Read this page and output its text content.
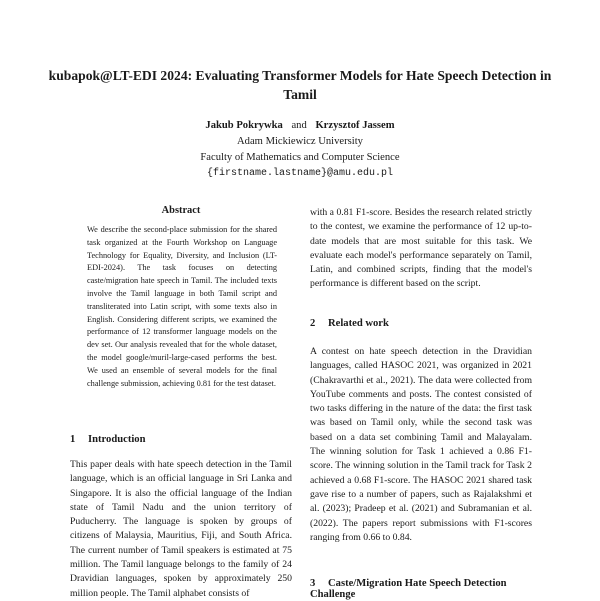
kubapok@LT-EDI 2024: Evaluating Transformer Models for Hate Speech Detection in Tamil
Jakub Pokrywka and Krzysztof Jassem
Adam Mickiewicz University
Faculty of Mathematics and Computer Science
{firstname.lastname}@amu.edu.pl
Abstract
We describe the second-place submission for the shared task organized at the Fourth Workshop on Language Technology for Equality, Diversity, and Inclusion (LT-EDI-2024). The task focuses on detecting caste/migration hate speech in Tamil. The included texts involve the Tamil language in both Tamil script and transliterated into Latin script, with some texts also in English. Considering different scripts, we examined the performance of 12 transformer language models on the dev set. Our analysis revealed that for the whole dataset, the model google/muril-large-cased performs the best. We used an ensemble of several models for the final challenge submission, achieving 0.81 for the test dataset.
1 Introduction
This paper deals with hate speech detection in the Tamil language, which is an official language in Sri Lanka and Singapore. It is also the official language of the Indian state of Tamil Nadu and the union territory of Puducherry. The language is spoken by groups of citizens of Malaysia, Mauritius, Fiji, and South Africa. The current number of Tamil speakers is estimated at 75 million. The Tamil language belongs to the family of 24 Dravidian languages, spoken by approximately 250 million people. The Tamil alphabet consists of
with a 0.81 F1-score. Besides the research related strictly to the contest, we examine the performance of 12 up-to-date models that are most suitable for this task. We evaluate each model's performance separately on Tamil, Latin, and combined scripts, finding that the model's performance is different based on the script.
2 Related work
A contest on hate speech detection in the Dravidian languages, called HASOC 2021, was organized in 2021 (Chakravarthi et al., 2021). The data were collected from YouTube comments and posts. The contest consisted of two tasks differing in the nature of the data: the first task was based on Tamil only, while the second task was based on a data set combining Tamil and Malayalam. The winning solution for Task 1 achieved a 0.86 F1-score. The winning solution in the Tamil track for Task 2 achieved a 0.68 F1-score. The HASOC 2021 shared task gave rise to a number of papers, such as Rajalakshmi et al. (2023); Pradeep et al. (2021) and Subramanian et al. (2022). The papers report submissions with F1-scores ranging from 0.66 to 0.84.
3 Caste/Migration Hate Speech Detection Challenge
